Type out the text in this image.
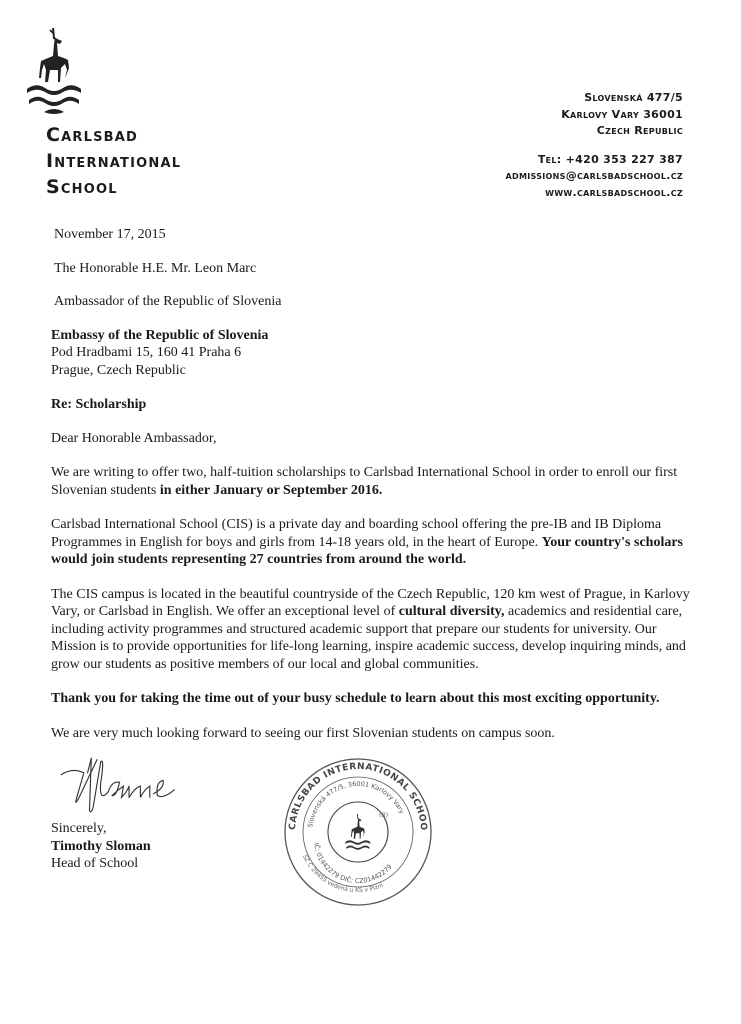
Carlsbad
International
School
Slovenská 477/5
Karlovy Vary 36001
Czech Republic
Tel: +420 353 227 387
admissions@carlsbadschool.cz
www.carlsbadschool.cz
November 17, 2015
The Honorable H.E. Mr. Leon Marc
Ambassador of the Republic of Slovenia
Embassy of the Republic of Slovenia
Pod Hradbami 15, 160 41 Praha 6
Prague, Czech Republic
Re: Scholarship
Dear Honorable Ambassador,

We are writing to offer two, half-tuition scholarships to Carlsbad International School in order to enroll our first Slovenian students in either January or September 2016.

Carlsbad International School (CIS) is a private day and boarding school offering the pre-IB and IB Diploma Programmes in English for boys and girls from 14-18 years old, in the heart of Europe. Your country's scholars would join students representing 27 countries from around the world.

The CIS campus is located in the beautiful countryside of the Czech Republic, 120 km west of Prague, in Karlovy Vary, or Carlsbad in English. We offer an exceptional level of cultural diversity, academics and residential care, including activity programmes and structured academic support that prepare our students for university. Our Mission is to provide opportunities for life-long learning, inspire academic success, develop inquiring minds, and grow our students as positive members of our local and global communities.

Thank you for taking the time out of your busy schedule to learn about this most exciting opportunity.

We are very much looking forward to seeing our first Slovenian students on campus soon.

Sincerely,
Timothy Sloman
Head of School
CARLSBAD INTERNATIONAL SCHOO
Slovenská 477/5, 36001 Karlovy Vary
IČ: 01442279 DIČ: CZ01442279
SZ C 29455 vedená u KS v Plzni
(3)
